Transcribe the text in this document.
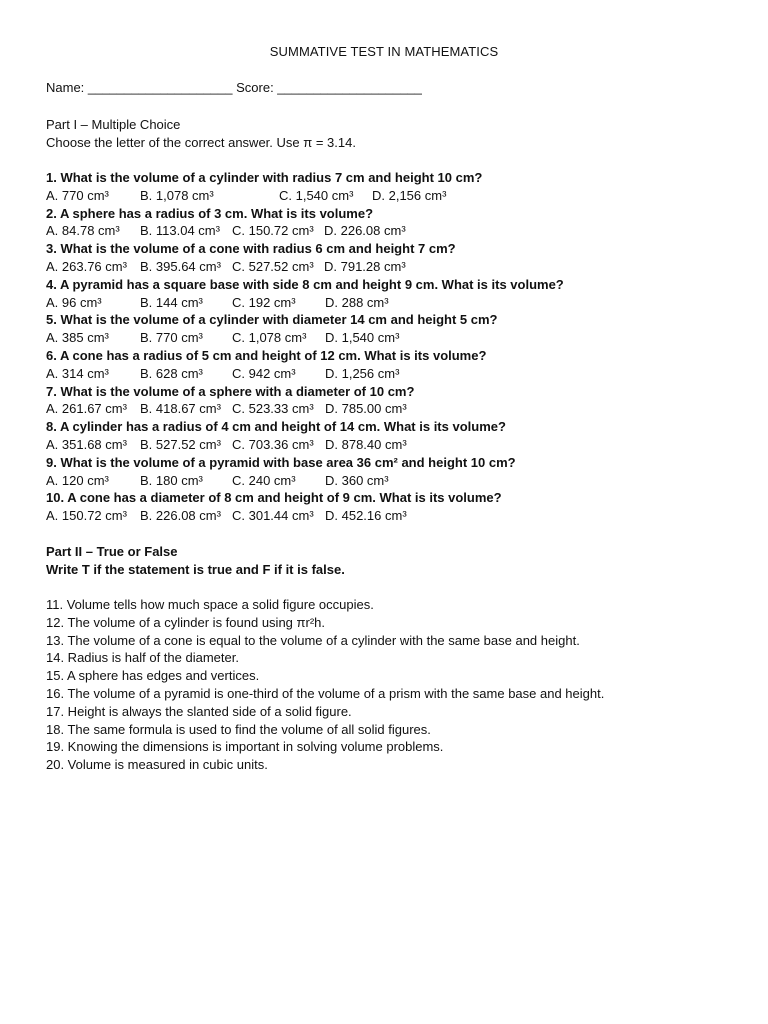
SUMMATIVE TEST IN MATHEMATICS
Name: ____________________ Score: ____________________
Part I – Multiple Choice
Choose the letter of the correct answer. Use π = 3.14.
1. What is the volume of a cylinder with radius 7 cm and height 10 cm?
A. 770 cm³ B. 1,078 cm³	C. 1,540 cm³ D. 2,156 cm³
2. A sphere has a radius of 3 cm. What is its volume?
A. 84.78 cm³ B. 113.04 cm³ C. 150.72 cm³ D. 226.08 cm³
3. What is the volume of a cone with radius 6 cm and height 7 cm?
A. 263.76 cm³ B. 395.64 cm³ C. 527.52 cm³ D. 791.28 cm³
4. A pyramid has a square base with side 8 cm and height 9 cm. What is its volume?
A. 96 cm³	B. 144 cm³ C. 192 cm³ D. 288 cm³
5. What is the volume of a cylinder with diameter 14 cm and height 5 cm?
A. 385 cm³ B. 770 cm³ C. 1,078 cm³ D. 1,540 cm³
6. A cone has a radius of 5 cm and height of 12 cm. What is its volume?
A. 314 cm³ B. 628 cm³ C. 942 cm³ D. 1,256 cm³
7. What is the volume of a sphere with a diameter of 10 cm?
A. 261.67 cm³ B. 418.67 cm³ C. 523.33 cm³ D. 785.00 cm³
8. A cylinder has a radius of 4 cm and height of 14 cm. What is its volume?
A. 351.68 cm³ B. 527.52 cm³ C. 703.36 cm³ D. 878.40 cm³
9. What is the volume of a pyramid with base area 36 cm² and height 10 cm?
A. 120 cm³ B. 180 cm³ C. 240 cm³ D. 360 cm³
10. A cone has a diameter of 8 cm and height of 9 cm. What is its volume?
A. 150.72 cm³ B. 226.08 cm³ C. 301.44 cm³ D. 452.16 cm³
Part II – True or False
Write T if the statement is true and F if it is false.
11. Volume tells how much space a solid figure occupies.
12. The volume of a cylinder is found using πr²h.
13. The volume of a cone is equal to the volume of a cylinder with the same base and height.
14. Radius is half of the diameter.
15. A sphere has edges and vertices.
16. The volume of a pyramid is one-third of the volume of a prism with the same base and height.
17. Height is always the slanted side of a solid figure.
18. The same formula is used to find the volume of all solid figures.
19. Knowing the dimensions is important in solving volume problems.
20. Volume is measured in cubic units.
